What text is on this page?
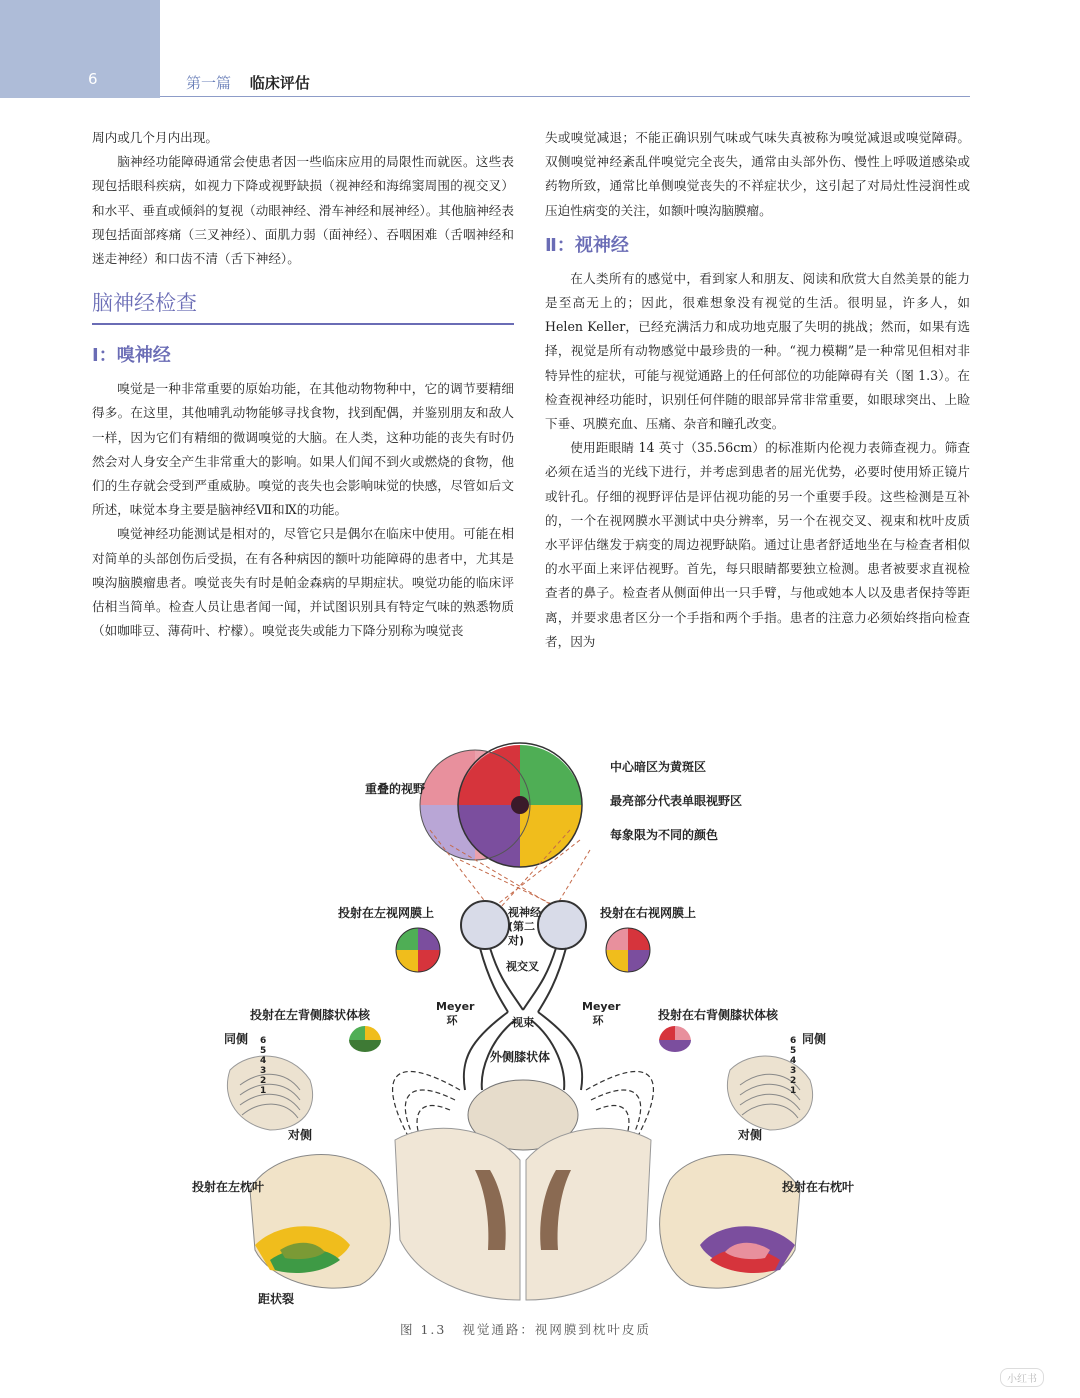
6	第一篇 临床评估

周内或几个月内出现。

脑神经功能障碍通常会使患者因一些临床应用的局限性而就医。这些表现包括眼科疾病，如视力下降或视野缺损（视神经和海绵窦周围的视交叉）和水平、垂直或倾斜的复视（动眼神经、滑车神经和展神经）。其他脑神经表现包括面部疼痛（三叉神经）、面肌力弱（面神经）、吞咽困难（舌咽神经和迷走神经）和口齿不清（舌下神经）。

脑神经检查
Ⅰ：嗅神经

嗅觉是一种非常重要的原始功能，在其他动物物种中，它的调节要精细得多。在这里，其他哺乳动物能够寻找食物，找到配偶，并鉴别朋友和敌人一样，因为它们有精细的微调嗅觉的大脑。在人类，这种功能的丧失有时仍然会对人身安全产生非常重大的影响。如果人们闻不到火或燃烧的食物，他们的生存就会受到严重威胁。嗅觉的丧失也会影响味觉的快感，尽管如后文所述，味觉本身主要是脑神经Ⅶ和Ⅸ的功能。

嗅觉神经功能测试是相对的，尽管它只是偶尔在临床中使用。可能在相对简单的头部创伤后受损，在有各种病因的额叶功能障碍的患者中，尤其是嗅沟脑膜瘤患者。嗅觉丧失有时是帕金森病的早期症状。嗅觉功能的临床评估相当简单。检查人员让患者闻一闻，并试图识别具有特定气味的熟悉物质（如咖啡豆、薄荷叶、柠檬）。嗅觉丧失或能力下降分别称为嗅觉丧

失或嗅觉减退；不能正确识别气味或气味失真被称为嗅觉减退或嗅觉障碍。双侧嗅觉神经紊乱伴嗅觉完全丧失，通常由头部外伤、慢性上呼吸道感染或药物所致，通常比单侧嗅觉丧失的不祥症状少，这引起了对局灶性浸润性或压迫性病变的关注，如额叶嗅沟脑膜瘤。

Ⅱ：视神经

在人类所有的感觉中，看到家人和朋友、阅读和欣赏大自然美景的能力是至高无上的；因此，很难想象没有视觉的生活。很明显，许多人，如 Helen Keller，已经充满活力和成功地克服了失明的挑战；然而，如果有选择，视觉是所有动物感觉中最珍贵的一种。“视力模糊”是一种常见但相对非特异性的症状，可能与视觉通路上的任何部位的功能障碍有关（图 1.3）。在检查视神经功能时，识别任何伴随的眼部异常非常重要，如眼球突出、上睑下垂、巩膜充血、压痛、杂音和瞳孔改变。

使用距眼睛 14 英寸（35.56cm）的标准斯内伦视力表筛查视力。筛查必须在适当的光线下进行，并考虑到患者的屈光优势，必要时使用矫正镜片或针孔。仔细的视野评估是评估视功能的另一个重要手段。这些检测是互补的，一个在视网膜水平测试中央分辨率，另一个在视交叉、视束和枕叶皮质水平评估继发于病变的周边视野缺陷。通过让患者舒适地坐在与检查者相似的水平面上来评估视野。首先，每只眼睛都要独立检测。患者被要求直视检查者的鼻子。检查者从侧面伸出一只手臂，与他或她本人以及患者保持等距离，并要求患者区分一个手指和两个手指。患者的注意力必须始终指向检查者，因为

重叠的视野
中心暗区为黄斑区
最亮部分代表单眼视野区
每象限为不同的颜色
投射在左视网膜上	投射在右视网膜上
视神经(第二对)
视交叉
Meyer环
Meyer环
视束
投射在左背侧膝状体核	投射在右背侧膝状体核
外侧膝状体
同侧	同侧
对侧	对侧
投射在左枕叶	投射在右枕叶
距状裂
6
5
4
3
2
1
6
5
4
3
2
1
图 1.3 视觉通路：视网膜到枕叶皮质
小红书
